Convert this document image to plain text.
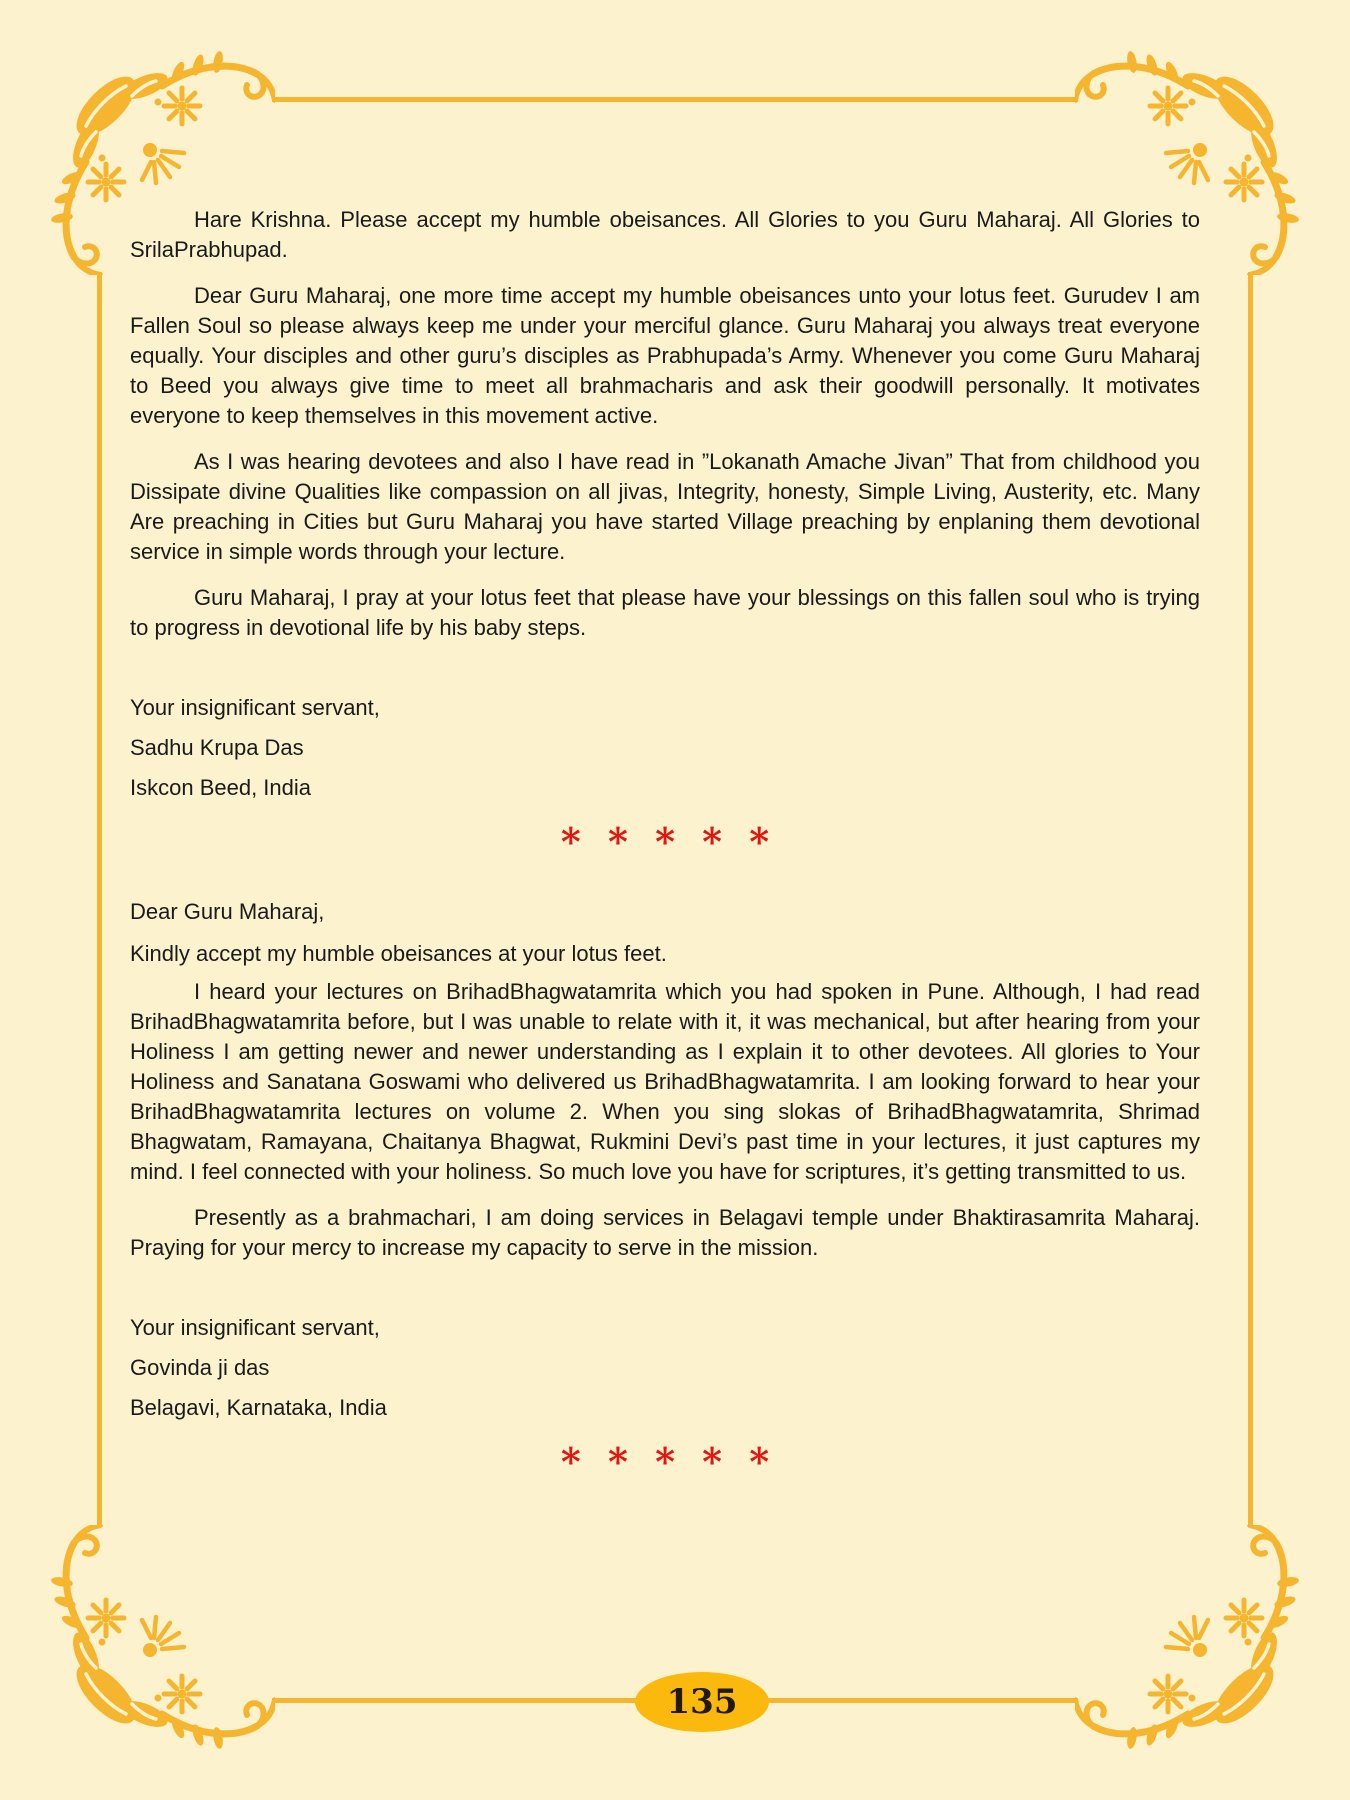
Hare Krishna. Please accept my humble obeisances. All Glories to you Guru Maharaj. All Glories to SrilaPrabhupad.

Dear Guru Maharaj, one more time accept my humble obeisances unto your lotus feet. Gurudev I am Fallen Soul so please always keep me under your merciful glance. Guru Maharaj you always treat everyone equally. Your disciples and other guru’s disciples as Prabhupada’s Army. Whenever you come Guru Maharaj to Beed you always give time to meet all brahmacharis and ask their goodwill personally. It motivates everyone to keep themselves in this movement active.

As I was hearing devotees and also I have read in ”Lokanath Amache Jivan” That from childhood you Dissipate divine Qualities like compassion on all jivas, Integrity, honesty, Simple Living, Austerity, etc. Many Are preaching in Cities but Guru Maharaj you have started Village preaching by enplaning them devotional service in simple words through your lecture.

Guru Maharaj, I pray at your lotus feet that please have your blessings on this fallen soul who is trying to progress in devotional life by his baby steps.

Your insignificant servant,

Sadhu Krupa Das

Iskcon Beed, India

* * * * *

Dear Guru Maharaj,

Kindly accept my humble obeisances at your lotus feet.

I heard your lectures on BrihadBhagwatamrita which you had spoken in Pune. Although, I had read BrihadBhagwatamrita before, but I was unable to relate with it, it was mechanical, but after hearing from your Holiness I am getting newer and newer understanding as I explain it to other devotees. All glories to Your Holiness and Sanatana Goswami who delivered us BrihadBhagwatamrita. I am looking forward to hear your BrihadBhagwatamrita lectures on volume 2. When you sing slokas of BrihadBhagwatamrita, Shrimad Bhagwatam, Ramayana, Chaitanya Bhagwat, Rukmini Devi’s past time in your lectures, it just captures my mind. I feel connected with your holiness. So much love you have for scriptures, it’s getting transmitted to us.

Presently as a brahmachari, I am doing services in Belagavi temple under Bhaktirasamrita Maharaj. Praying for your mercy to increase my capacity to serve in the mission.

Your insignificant servant,

Govinda ji das

Belagavi, Karnataka, India

* * * * *
135
